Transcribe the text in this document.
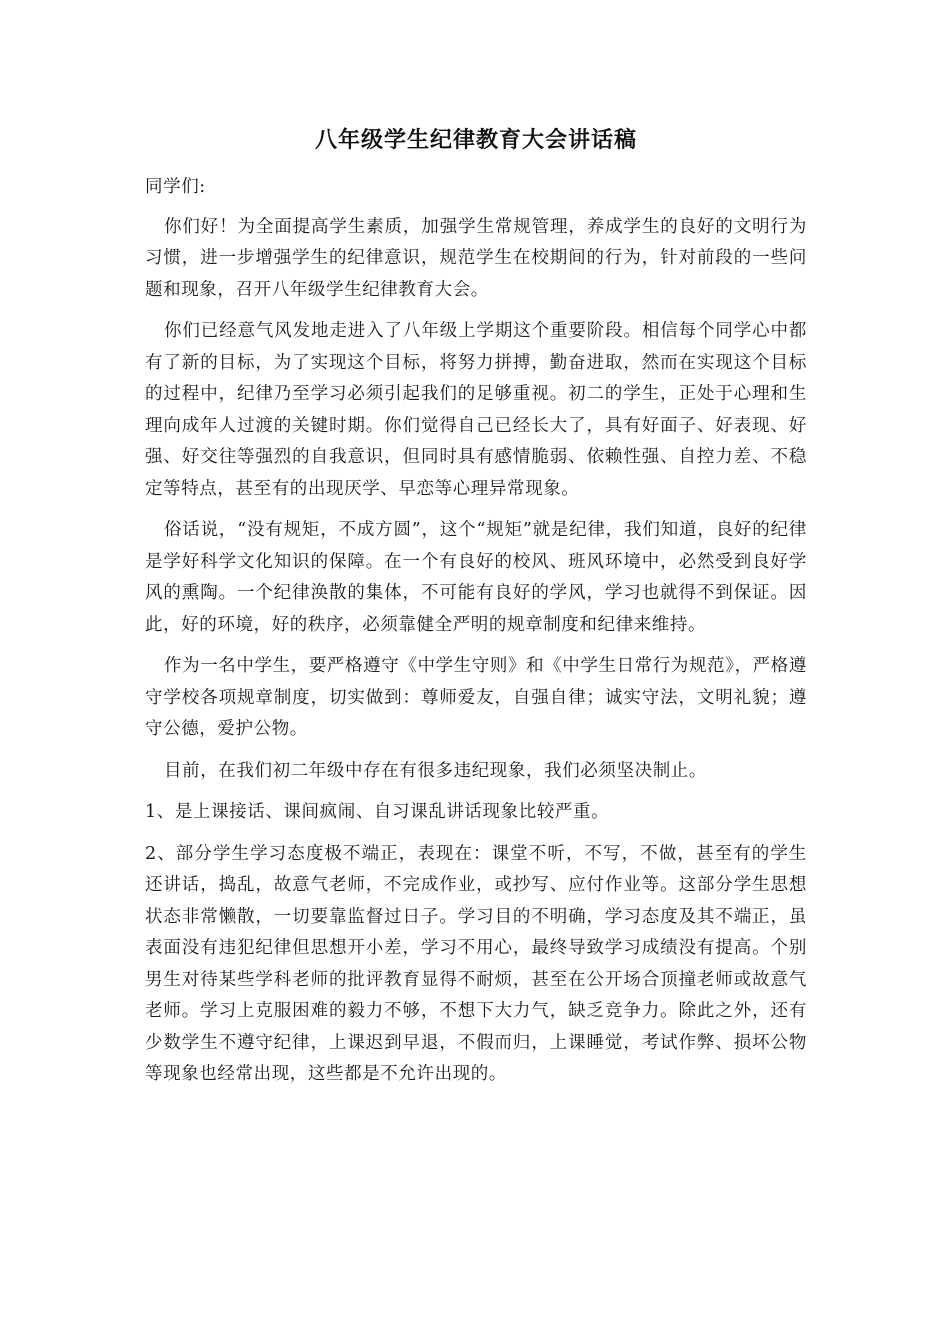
八年级学生纪律教育大会讲话稿

同学们:

你们好！为全面提高学生素质，加强学生常规管理，养成学生的良好的文明行为习惯，进一步增强学生的纪律意识，规范学生在校期间的行为，针对前段的一些问题和现象，召开八年级学生纪律教育大会。

你们已经意气风发地走进入了八年级上学期这个重要阶段。相信每个同学心中都有了新的目标，为了实现这个目标，将努力拼搏，勤奋进取，然而在实现这个目标的过程中，纪律乃至学习必须引起我们的足够重视。初二的学生，正处于心理和生理向成年人过渡的关键时期。你们觉得自己已经长大了，具有好面子、好表现、好强、好交往等强烈的自我意识，但同时具有感情脆弱、依赖性强、自控力差、不稳定等特点，甚至有的出现厌学、早恋等心理异常现象。

俗话说，“没有规矩，不成方圆”，这个“规矩”就是纪律，我们知道，良好的纪律是学好科学文化知识的保障。在一个有良好的校风、班风环境中，必然受到良好学风的熏陶。一个纪律涣散的集体，不可能有良好的学风，学习也就得不到保证。因此，好的环境，好的秩序，必须靠健全严明的规章制度和纪律来维持。

作为一名中学生，要严格遵守《中学生守则》和《中学生日常行为规范》，严格遵守学校各项规章制度，切实做到：尊师爱友，自强自律；诚实守法，文明礼貌；遵守公德，爱护公物。

目前，在我们初二年级中存在有很多违纪现象，我们必须坚决制止。

1、是上课接话、课间疯闹、自习课乱讲话现象比较严重。

2、部分学生学习态度极不端正，表现在：课堂不听，不写，不做，甚至有的学生还讲话，捣乱，故意气老师，不完成作业，或抄写、应付作业等。这部分学生思想状态非常懒散，一切要靠监督过日子。学习目的不明确，学习态度及其不端正，虽表面没有违犯纪律但思想开小差，学习不用心，最终导致学习成绩没有提高。个别男生对待某些学科老师的批评教育显得不耐烦，甚至在公开场合顶撞老师或故意气老师。学习上克服困难的毅力不够，不想下大力气，缺乏竞争力。除此之外，还有少数学生不遵守纪律，上课迟到早退，不假而归，上课睡觉，考试作弊、损坏公物等现象也经常出现，这些都是不允许出现的。
